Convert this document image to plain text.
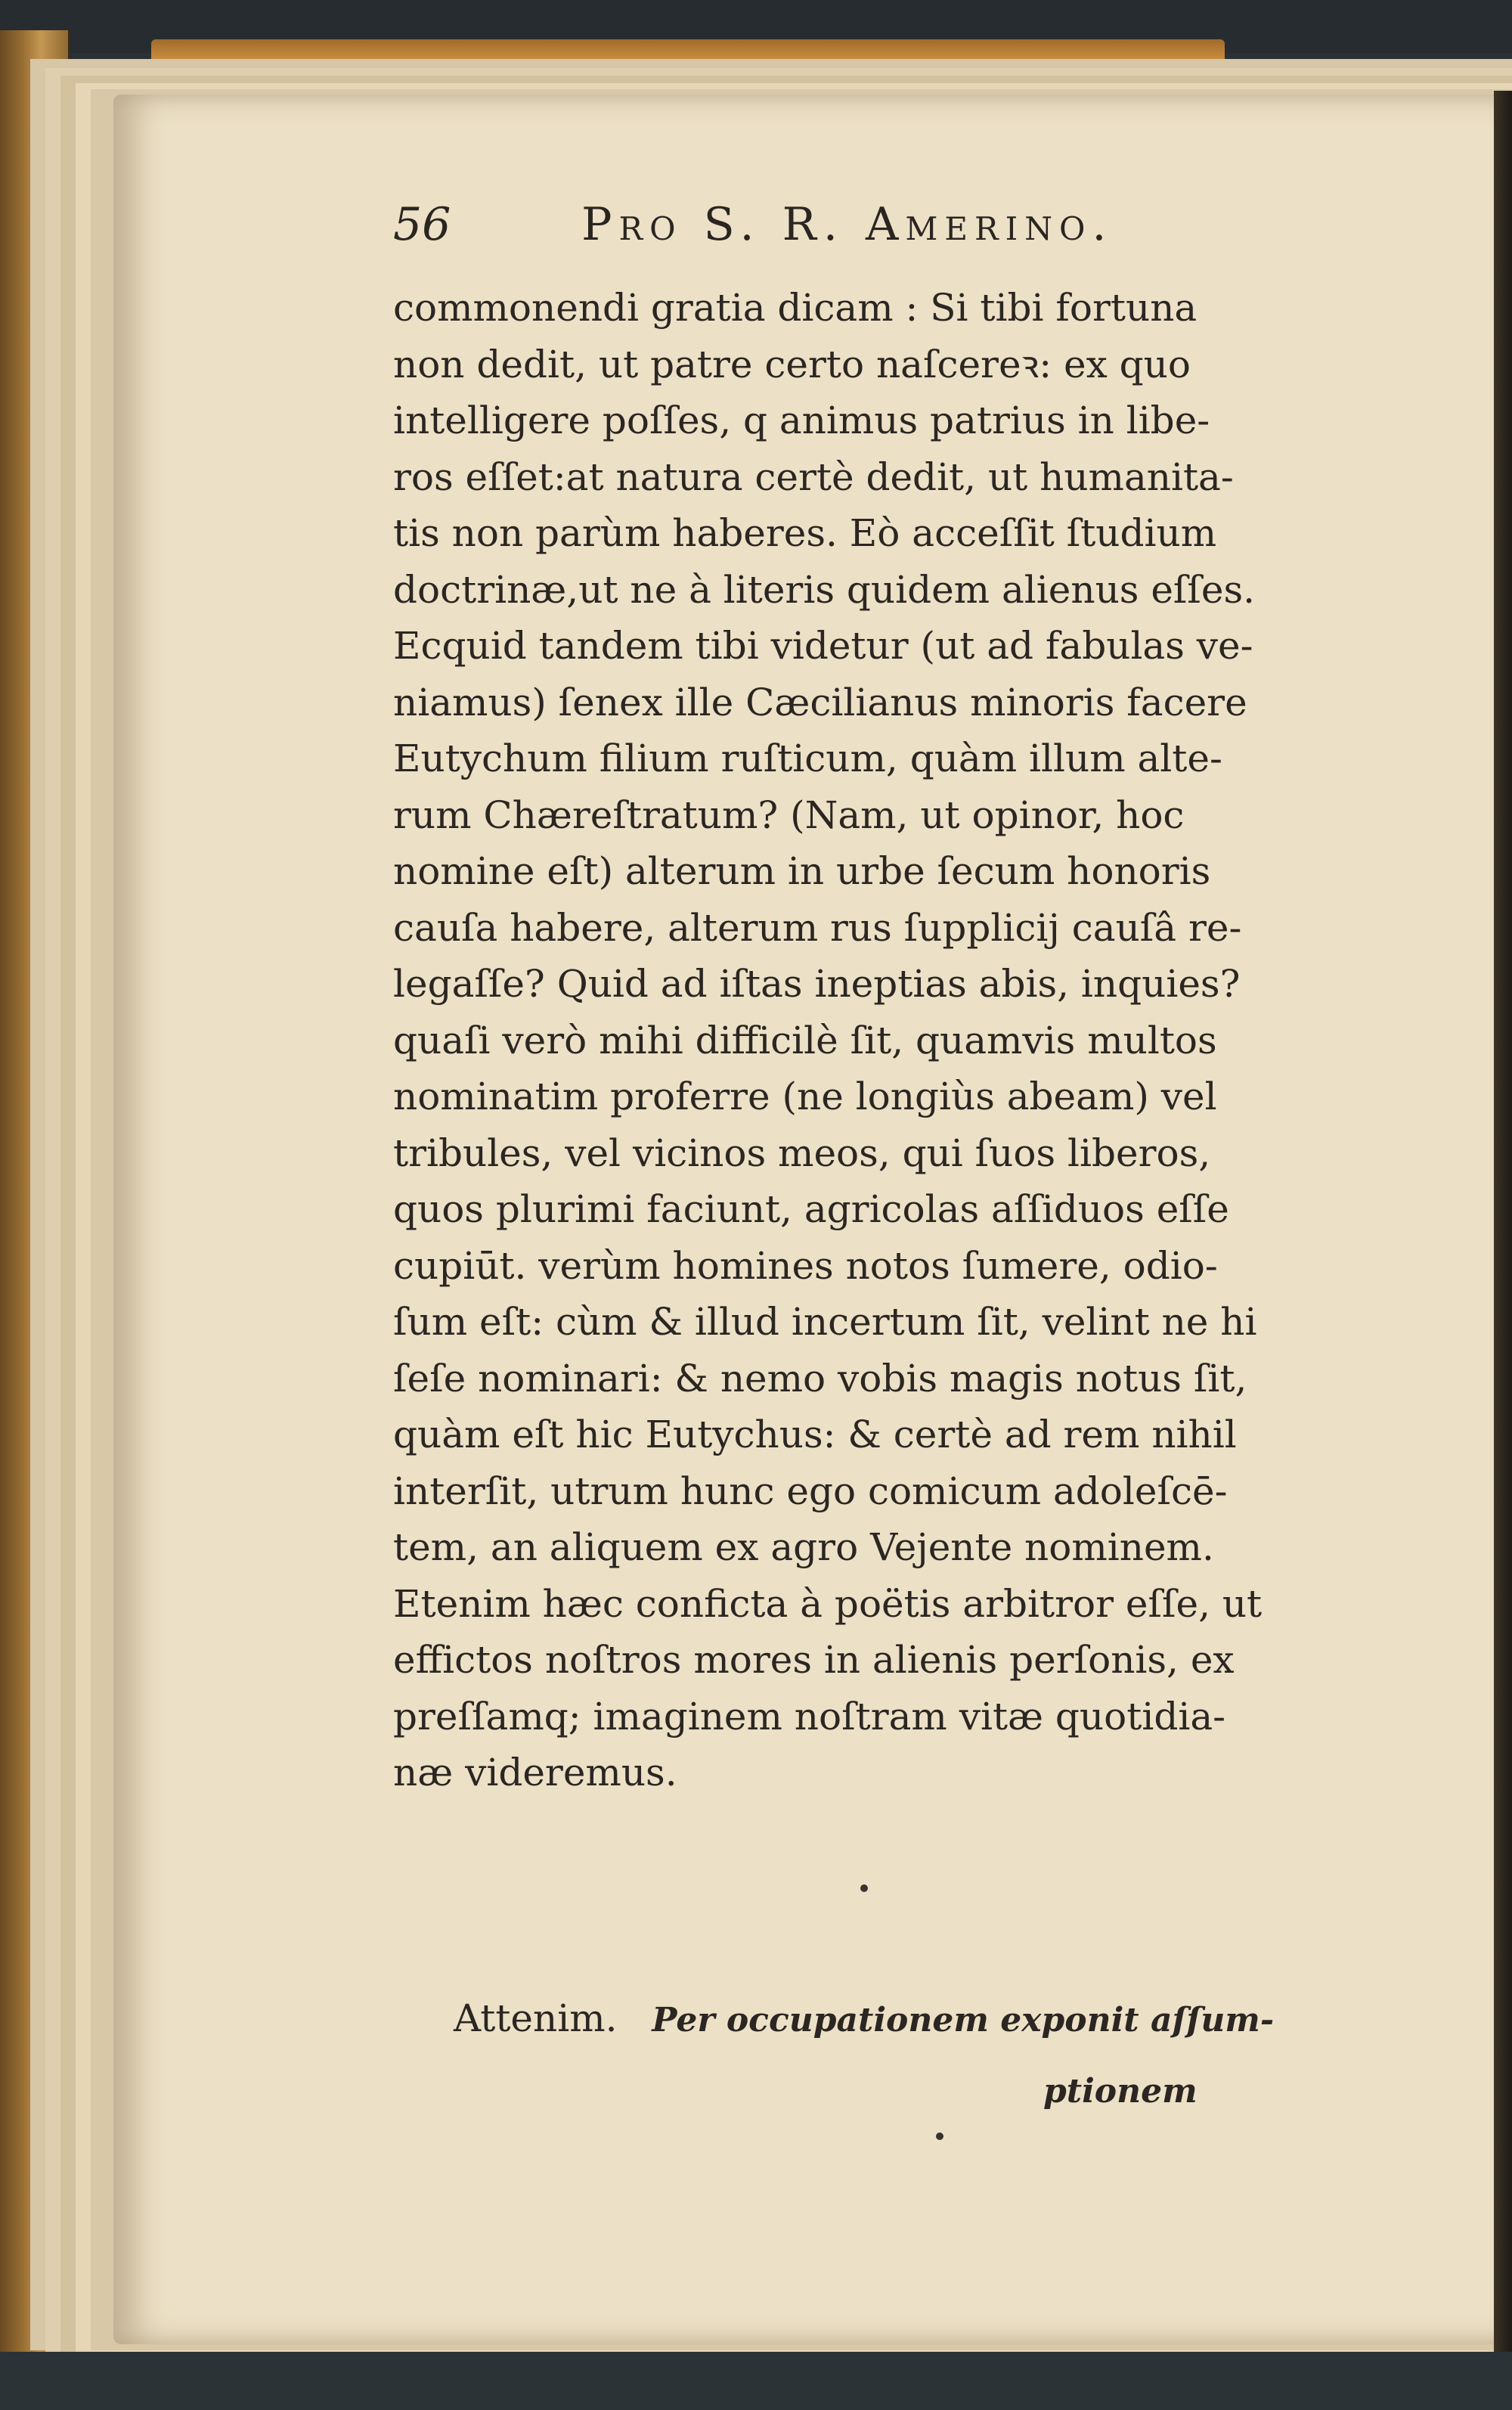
56	Pro S. R. Amerino.
commonendi gratia dicam : Si tibi fortuna
non dedit, ut patre certo naſcereꝛ: ex quo
intelligere poſſes, q animus patrius in libe-
ros eſſet:at natura certè dedit, ut humanita-
tis non parùm haberes. Eò acceſſit ſtudium
doctrinæ,ut ne à literis quidem alienus eſſes.
Ecquid tandem tibi videtur (ut ad fabulas ve-
niamus) ſenex ille Cæcilianus minoris facere
Eutychum filium ruſticum, quàm illum alte-
rum Chæreſtratum? (Nam, ut opinor, hoc
nomine eſt) alterum in urbe ſecum honoris
cauſa habere, alterum rus ſupplicij cauſâ re-
legaſſe? Quid ad iſtas ineptias abis, inquies?
quaſi verò mihi difficilè ſit, quamvis multos
nominatim proferre (ne longiùs abeam) vel
tribules, vel vicinos meos, qui ſuos liberos,
quos plurimi faciunt, agricolas aſſiduos eſſe
cupiūt. verùm homines notos ſumere, odio-
ſum eſt: cùm & illud incertum ſit, velint ne hi
ſeſe nominari: & nemo vobis magis notus ſit,
quàm eſt hic Eutychus: & certè ad rem nihil
interſit, utrum hunc ego comicum adoleſcē-
tem, an aliquem ex agro Vejente nominem.
Etenim hæc conficta à poëtis arbitror eſſe, ut
effictos noſtros mores in alienis perſonis, ex
preſſamq; imaginem noſtram vitæ quotidia-
næ videremus.
Attenim. Per occupationem exponit aſſum-
ptionem
